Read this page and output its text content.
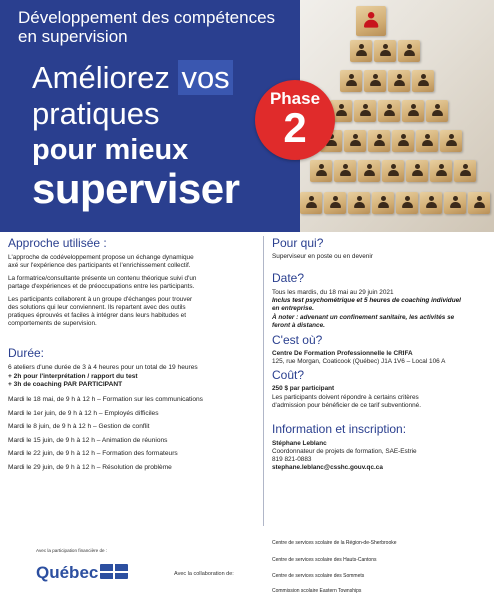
Développement des compétences en supervision
Améliorez vos
pratiques
pour mieux
superviser
Phase
2
Approche utilisée :
L'approche de codéveloppement propose un échange dynamique
axé sur l'expérience des participants et l'enrichissement collectif.
La formatrice/consultante présente un contenu théorique suivi d'un
partage d'expériences et de préoccupations entre les participants.
Les participants collaborent à un groupe d'échanges pour trouver
des solutions qui leur conviennent. Ils repartent avec des outils
pratiques éprouvés et faciles à intégrer dans leurs habitudes et
comportements de supervision.
Durée:
6 ateliers d'une durée de 3 à 4 heures pour un total de 19 heures
+ 2h pour l'interprétation / rapport du test
+ 3h de coaching PAR PARTICIPANT
Mardi le 18 mai, de 9 h à 12 h – Formation sur les communications
Mardi le 1er juin, de 9 h à 12 h – Employés difficiles
Mardi le 8 juin, de 9 h à 12 h – Gestion de conflit
Mardi le 15 juin, de 9 h à 12 h – Animation de réunions
Mardi le 22 juin, de 9 h à 12 h – Formation des formateurs
Mardi le 29 juin, de 9 h à 12 h – Résolution de problème
Pour qui?
Superviseur en poste ou en devenir
Date?
Tous les mardis, du 18 mai au 29 juin 2021
Inclus test psychométrique et 5 heures de coaching individuel
en entreprise.
À noter : advenant un confinement sanitaire, les activités se
feront à distance.
C'est où?
Centre De Formation Professionnelle le CRIFA
125, rue Morgan, Coaticook (Québec) J1A 1V6 – Local 106 A
Coût?
250 $ par participant
Les participants doivent répondre à certains critères
d'admission pour bénéficier de ce tarif subventionné.
Information et inscription:
Stéphane Leblanc
Coordonnateur de projets de formation, SAE-Estrie
819 821-0883
stephane.leblanc@csshc.gouv.qc.ca
Avec la participation financière de :
Québec	Avec la collaboration de:
Centre de services scolaire de la Région-de-Sherbrooke
Centre de services scolaire des Hauts-Cantons
Centre de services scolaire des Sommets
Commission scolaire Eastern Townships
